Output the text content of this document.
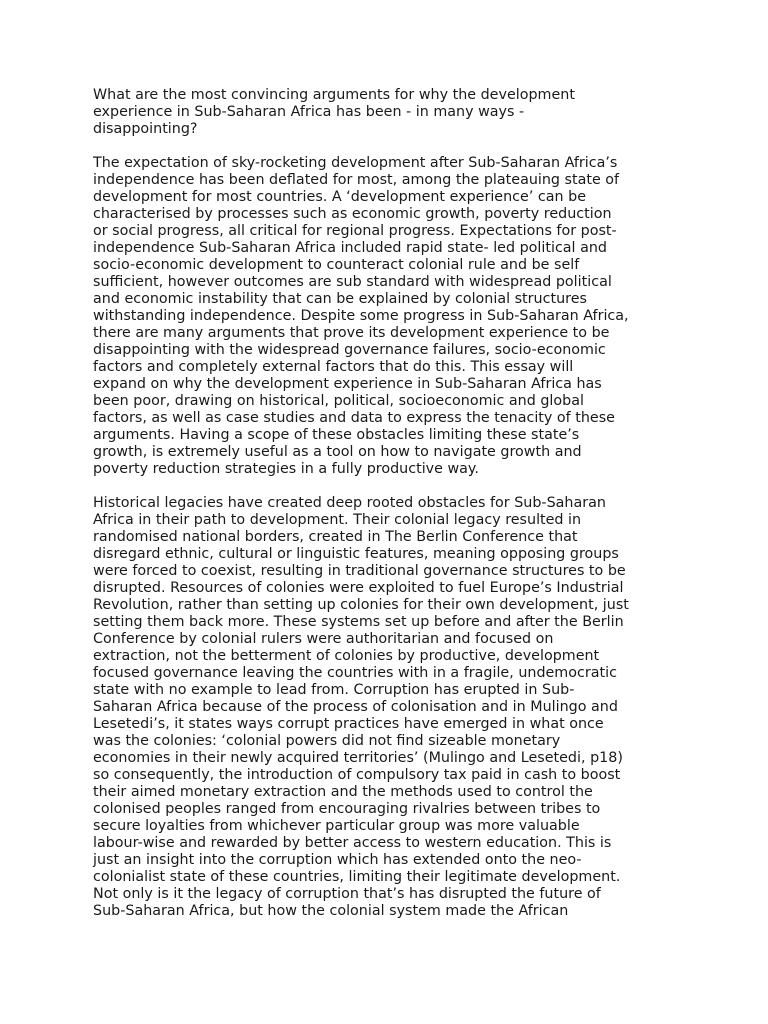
What are the most convincing arguments for why the development
experience in Sub-Saharan Africa has been - in many ways -
disappointing?

The expectation of sky-rocketing development after Sub-Saharan Africa’s
independence has been deflated for most, among the plateauing state of
development for most countries. A ‘development experience’ can be
characterised by processes such as economic growth, poverty reduction
or social progress, all critical for regional progress. Expectations for post-
independence Sub-Saharan Africa included rapid state- led political and
socio-economic development to counteract colonial rule and be self
sufficient, however outcomes are sub standard with widespread political
and economic instability that can be explained by colonial structures
withstanding independence. Despite some progress in Sub-Saharan Africa,
there are many arguments that prove its development experience to be
disappointing with the widespread governance failures, socio-economic
factors and completely external factors that do this. This essay will
expand on why the development experience in Sub-Saharan Africa has
been poor, drawing on historical, political, socioeconomic and global
factors, as well as case studies and data to express the tenacity of these
arguments. Having a scope of these obstacles limiting these state’s
growth, is extremely useful as a tool on how to navigate growth and
poverty reduction strategies in a fully productive way.

Historical legacies have created deep rooted obstacles for Sub-Saharan
Africa in their path to development. Their colonial legacy resulted in
randomised national borders, created in The Berlin Conference that
disregard ethnic, cultural or linguistic features, meaning opposing groups
were forced to coexist, resulting in traditional governance structures to be
disrupted. Resources of colonies were exploited to fuel Europe’s Industrial
Revolution, rather than setting up colonies for their own development, just
setting them back more. These systems set up before and after the Berlin
Conference by colonial rulers were authoritarian and focused on
extraction, not the betterment of colonies by productive, development
focused governance leaving the countries with in a fragile, undemocratic
state with no example to lead from. Corruption has erupted in Sub-
Saharan Africa because of the process of colonisation and in Mulingo and
Lesetedi’s, it states ways corrupt practices have emerged in what once
was the colonies: ‘colonial powers did not find sizeable monetary
economies in their newly acquired territories’ (Mulingo and Lesetedi, p18)
so consequently, the introduction of compulsory tax paid in cash to boost
their aimed monetary extraction and the methods used to control the
colonised peoples ranged from encouraging rivalries between tribes to
secure loyalties from whichever particular group was more valuable
labour-wise and rewarded by better access to western education. This is
just an insight into the corruption which has extended onto the neo-
colonialist state of these countries, limiting their legitimate development.
Not only is it the legacy of corruption that’s has disrupted the future of
Sub-Saharan Africa, but how the colonial system made the African
